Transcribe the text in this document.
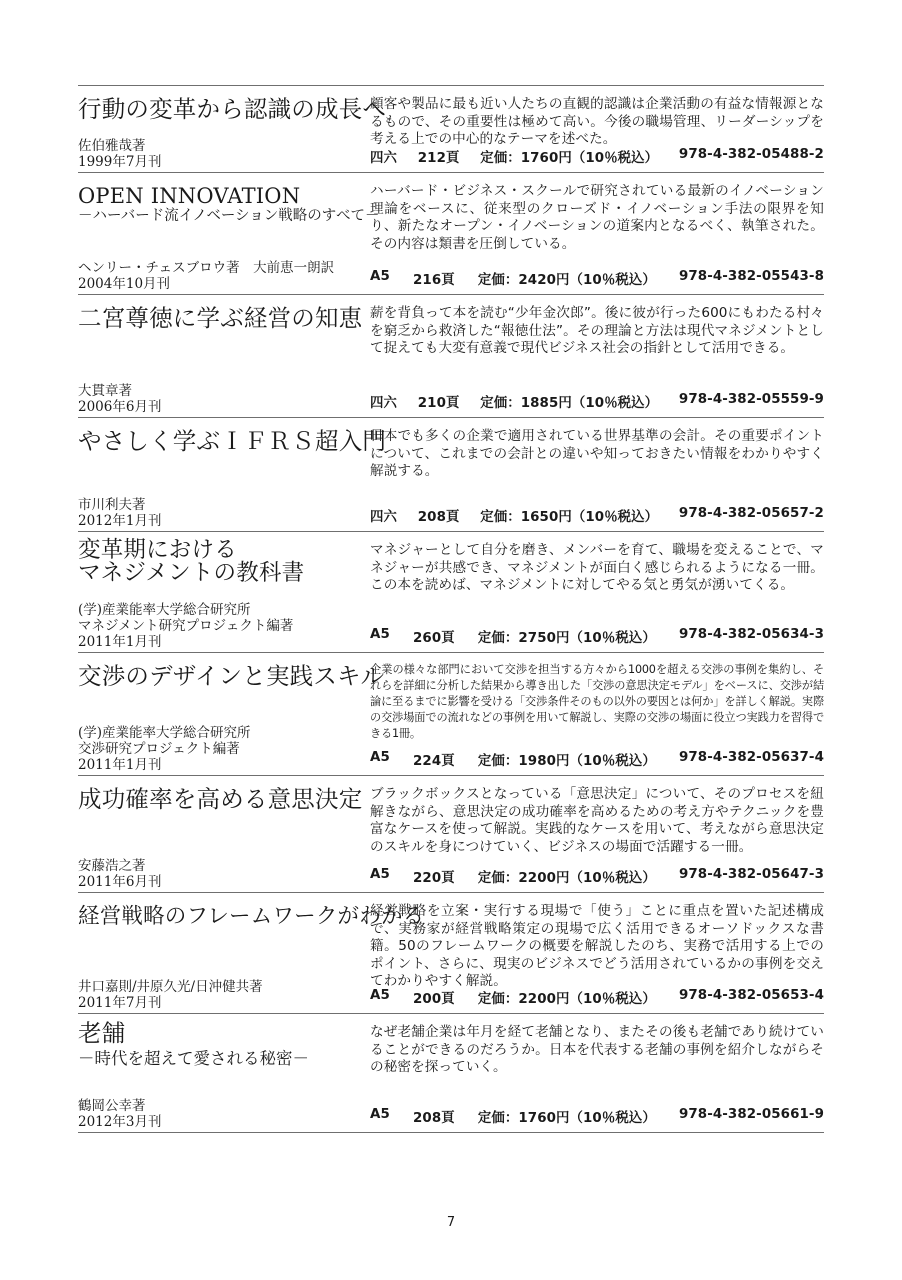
行動の変革から認識の成長へ
佐伯雅哉著
1999年7月刊

顧客や製品に最も近い人たちの直観的認識は企業活動の有益な情報源となるもので、その重要性は極めて高い。今後の職場管理、リーダーシップを考える上での中心的なテーマを述べた。

四六 212頁 定価：1760円（10％税込） 978-4-382-05488-2
OPEN INNOVATION
－ハーバード流イノベーション戦略のすべて－
ヘンリー・チェスブロウ著　大前恵一朗訳
2004年10月刊

ハーバード・ビジネス・スクールで研究されている最新のイノベーション理論をベースに、従来型のクローズド・イノベーション手法の限界を知り、新たなオープン・イノベーションの道案内となるべく、執筆された。その内容は類書を圧倒している。

A5 216頁 定価：2420円（10％税込） 978-4-382-05543-8
二宮尊徳に学ぶ経営の知恵
大貫章著
2006年6月刊

薪を背負って本を読む“少年金次郎”。後に彼が行った600にもわたる村々を窮乏から救済した“報徳仕法”。その理論と方法は現代マネジメントとして捉えても大変有意義で現代ビジネス社会の指針として活用できる。

四六 210頁 定価：1885円（10％税込） 978-4-382-05559-9
やさしく学ぶＩＦＲＳ超入門
市川利夫著
2012年1月刊

日本でも多くの企業で適用されている世界基準の会計。その重要ポイントについて、これまでの会計との違いや知っておきたい情報をわかりやすく解説する。

四六 208頁 定価：1650円（10％税込） 978-4-382-05657-2
変革期における
マネジメントの教科書
(学)産業能率大学総合研究所
マネジメント研究プロジェクト編著
2011年1月刊

マネジャーとして自分を磨き、メンバーを育て、職場を変えることで、マネジャーが共感でき、マネジメントが面白く感じられるようになる一冊。この本を読めば、マネジメントに対してやる気と勇気が湧いてくる。

A5 260頁 定価：2750円（10％税込） 978-4-382-05634-3
交渉のデザインと実践スキル
(学)産業能率大学総合研究所
交渉研究プロジェクト編著
2011年1月刊

企業の様々な部門において交渉を担当する方々から1000を超える交渉の事例を集約し、それらを詳細に分析した結果から導き出した「交渉の意思決定モデル」をベースに、交渉が結論に至るまでに影響を受ける「交渉条件そのもの以外の要因とは何か」を詳しく解説。実際の交渉場面での流れなどの事例を用いて解説し、実際の交渉の場面に役立つ実践力を習得できる1冊。

A5 224頁 定価：1980円（10％税込） 978-4-382-05637-4
成功確率を高める意思決定
安藤浩之著
2011年6月刊

ブラックボックスとなっている「意思決定」について、そのプロセスを紐解きながら、意思決定の成功確率を高めるための考え方やテクニックを豊富なケースを使って解説。実践的なケースを用いて、考えながら意思決定のスキルを身につけていく、ビジネスの場面で活躍する一冊。

A5 220頁 定価：2200円（10％税込） 978-4-382-05647-3
経営戦略のフレームワークがわかる
井口嘉則/井原久光/日沖健共著
2011年7月刊

経営戦略を立案・実行する現場で「使う」ことに重点を置いた記述構成で、実務家が経営戦略策定の現場で広く活用できるオーソドックスな書籍。50のフレームワークの概要を解説したのち、実務で活用する上でのポイント、さらに、現実のビジネスでどう活用されているかの事例を交えてわかりやすく解説。

A5 200頁 定価：2200円（10％税込） 978-4-382-05653-4
老舗
－時代を超えて愛される秘密－
鶴岡公幸著
2012年3月刊

なぜ老舗企業は年月を経て老舗となり、またその後も老舗であり続けていることができるのだろうか。日本を代表する老舗の事例を紹介しながらその秘密を探っていく。

A5 208頁 定価：1760円（10％税込） 978-4-382-05661-9
7
